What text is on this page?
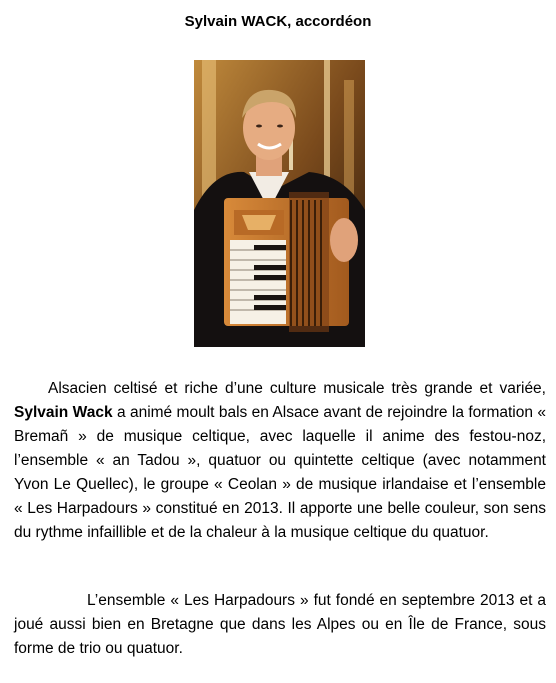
Sylvain WACK, accordéon

Alsacien celtisé et riche d’une culture musicale très grande et variée, Sylvain Wack a animé moult bals en Alsace avant de rejoindre la formation « Bremañ » de musique celtique, avec laquelle il anime des festou-noz, l’ensemble « an Tadou », quatuor ou quintette celtique (avec notamment Yvon Le Quellec), le groupe « Ceolan » de musique irlandaise et l’ensemble « Les Harpadours » constitué en 2013. Il apporte une belle couleur, son sens du rythme infaillible et de la chaleur à la musique celtique du quatuor.

L’ensemble « Les Harpadours » fut fondé en septembre 2013 et a joué aussi bien en Bretagne que dans les Alpes ou en Île de France, sous forme de trio ou quatuor.
